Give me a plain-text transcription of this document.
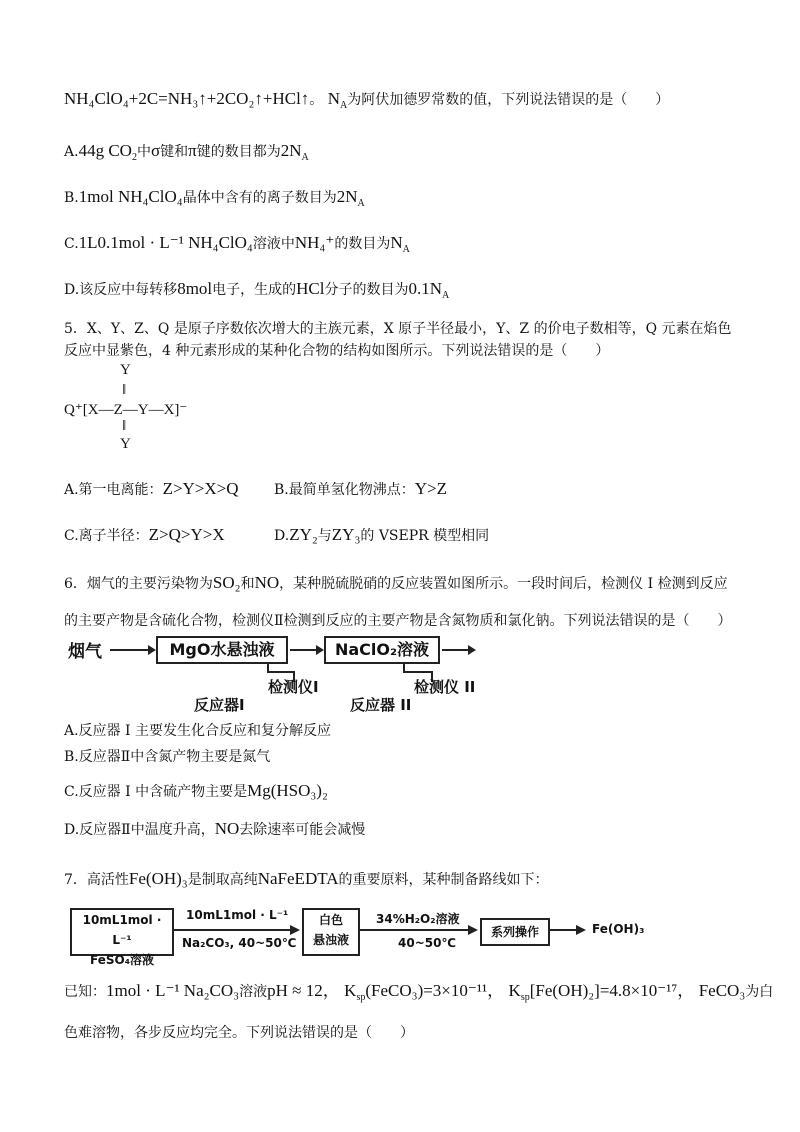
NH₄ClO₄+2C=NH₃↑+2CO₂↑+HCl↑。 $N_A$为阿伏加德罗常数的值，下列说法错误的是（　　）
A.44g $CO_2$中σ键和π键的数目都为$2N_A$
B.1mol NH₄ClO₄晶体中含有的离子数目为$2N_A$
C.1L0.1mol · L⁻¹ NH₄ClO₄溶液中NH₄⁺的数目为$N_A$
D.该反应中每转移8mol电子，生成的HCl分子的数目为$0.1N_A$
5．X、Y、Z、Q 是原子序数依次增大的主族元素，X 原子半径最小，Y、Z 的价电子数相等，Q 元素在焰色
反应中显紫色，4 种元素形成的某种化合物的结构如图所示。下列说法错误的是（　　）
Y
‖
Q⁺[X—Z—Y—X]⁻
‖
Y
A.第一电离能：Z>Y>X>Q	B.最简单氢化物沸点：Y>Z
C.离子半径：Z>Q>Y>X	D.ZY₂与ZY₃的 VSEPR 模型相同
6．烟气的主要污染物为SO₂和NO，某种脱硫脱硝的反应装置如图所示。一段时间后，检测仪 I 检测到反应
的主要产物是含硫化合物，检测仪Ⅱ检测到反应的主要产物是含氮物质和氯化钠。下列说法错误的是（　　）
烟气	MgO水悬浊液	NaClO₂溶液
检测仪I	检测仪 II
反应器I	反应器 II
A.反应器 I 主要发生化合反应和复分解反应
B.反应器Ⅱ中含氮产物主要是氮气
C.反应器 I 中含硫产物主要是Mg(HSO₃)₂
D.反应器Ⅱ中温度升高，NO去除速率可能会减慢
7．高活性Fe(OH)₃是制取高纯NaFeEDTA的重要原料，某种制备路线如下：
10mL1mol · L⁻¹
FeSO₄溶液
10mL1mol · L⁻¹
Na₂CO₃, 40~50℃
白色
悬浊液
34%H₂O₂溶液
40~50℃
系列操作	Fe(OH)₃
已知：1mol · L⁻¹ Na₂CO₃溶液pH ≈ 12， $K_{sp}(FeCO_3)=3\times 10^{-11}$， $K_{sp}[Fe(OH)_2]=4.8\times 10^{-17}$， FeCO₃为白
色难溶物，各步反应均完全。下列说法错误的是（　　）
